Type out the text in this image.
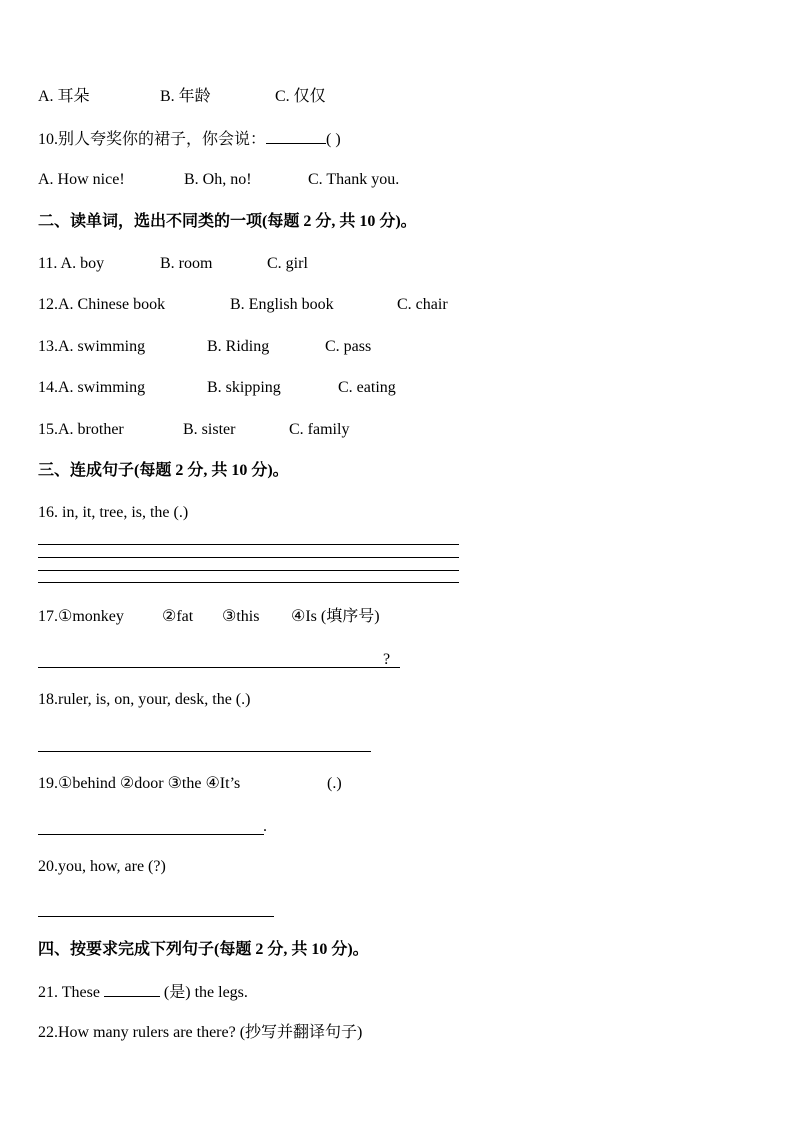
A. 耳朵	B. 年龄	C. 仅仅
10.别人夸奖你的裙子，你会说：	( )
A. How nice!	B. Oh, no!	C. Thank you.
二、读单词，选出不同类的一项(每题 2 分, 共 10 分)。
11. A. boy	B. room	C. girl
12.A. Chinese book	B. English book	C. chair
13.A. swimming	B. Riding	C. pass
14.A. swimming	B. skipping	C. eating
15.A. brother	B. sister	C. family
三、连成句子(每题 2 分, 共 10 分)。
16. in, it, tree, is, the (.)
17.①monkey ②fat ③this ④Is (填序号)
?
18.ruler, is, on, your, desk, the (.)
19.①behind ②door ③the ④It’s	(.)
.
20.you, how, are (?)
四、按要求完成下列句子(每题 2 分, 共 10 分)。
21. These	(是) the legs.
22.How many rulers are there? (抄写并翻译句子)
